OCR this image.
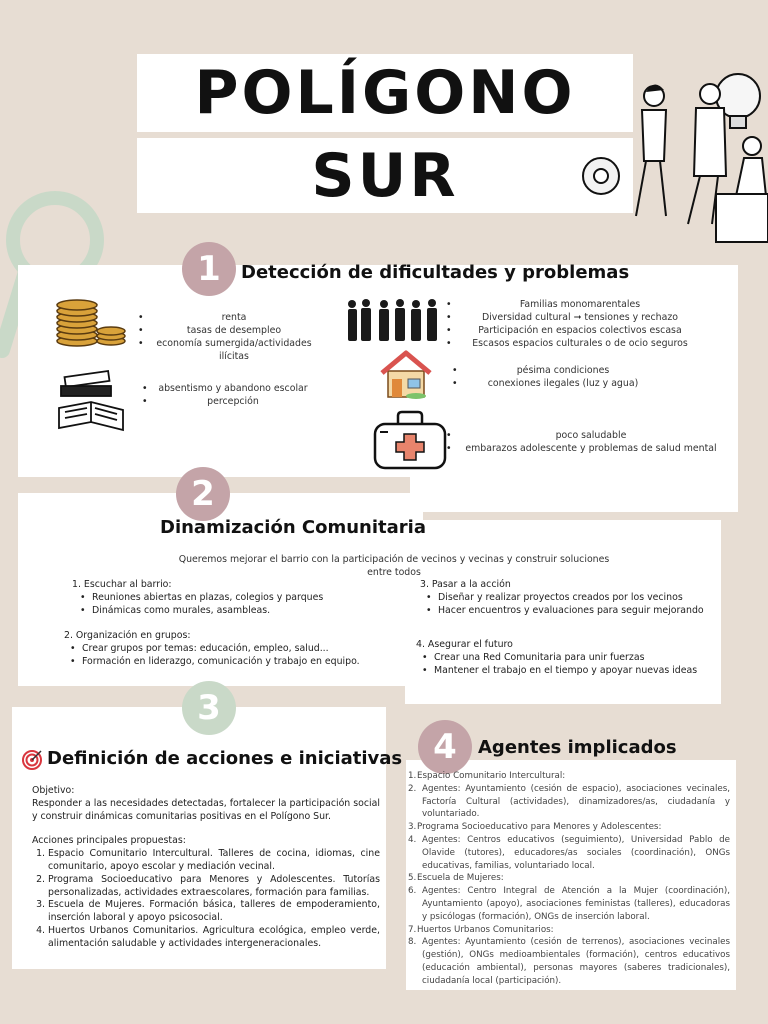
POLÍGONO
SUR
1	Detección de dificultades y problemas
• renta
• tasas de desempleo
• economía sumergida/actividades ilícitas
• absentismo y abandono escolar
• percepción
• Familias monomarentales
• Diversidad cultural ➞ tensiones y rechazo
• Participación en espacios colectivos escasa
• Escasos espacios culturales o de ocio seguros
• pésima condiciones
• conexiones ilegales (luz y agua)
• poco saludable
• embarazos adolescente y problemas de salud mental
2
Dinamización Comunitaria
Queremos mejorar el barrio con la participación de vecinos y vecinas y construir soluciones entre todos
1. Escuchar al barrio:
• Reuniones abiertas en plazas, colegios y parques
• Dinámicas como murales, asambleas.
2. Organización en grupos:
• Crear grupos por temas: educación, empleo, salud...
• Formación en liderazgo, comunicación y trabajo en equipo.
3. Pasar a la acción
• Diseñar y realizar proyectos creados por los vecinos
• Hacer encuentros y evaluaciones para seguir mejorando
4. Asegurar el futuro
• Crear una Red Comunitaria para unir fuerzas
• Mantener el trabajo en el tiempo y apoyar nuevas ideas
3
Definición de acciones e iniciativas
Objetivo:
Responder a las necesidades detectadas, fortalecer la participación social y construir dinámicas comunitarias positivas en el Polígono Sur.
Acciones principales propuestas:
1. Espacio Comunitario Intercultural. Talleres de cocina, idiomas, cine comunitario, apoyo escolar y mediación vecinal.
2. Programa Socioeducativo para Menores y Adolescentes. Tutorías personalizadas, actividades extraescolares, formación para familias.
3. Escuela de Mujeres. Formación básica, talleres de empoderamiento, inserción laboral y apoyo psicosocial.
4. Huertos Urbanos Comunitarios. Agricultura ecológica, empleo verde, alimentación saludable y actividades intergeneracionales.
4	Agentes implicados
1. Espacio Comunitario Intercultural:
2. Agentes: Ayuntamiento (cesión de espacio), asociaciones vecinales, Factoría Cultural (actividades), dinamizadores/as, ciudadanía y voluntariado.
3. Programa Socioeducativo para Menores y Adolescentes:
4. Agentes: Centros educativos (seguimiento), Universidad Pablo de Olavide (tutores), educadores/as sociales (coordinación), ONGs educativas, familias, voluntariado local.
5. Escuela de Mujeres:
6. Agentes: Centro Integral de Atención a la Mujer (coordinación), Ayuntamiento (apoyo), asociaciones feministas (talleres), educadoras y psicólogas (formación), ONGs de inserción laboral.
7. Huertos Urbanos Comunitarios:
8. Agentes: Ayuntamiento (cesión de terrenos), asociaciones vecinales (gestión), ONGs medioambientales (formación), centros educativos (educación ambiental), personas mayores (saberes tradicionales), ciudadanía local (participación).
